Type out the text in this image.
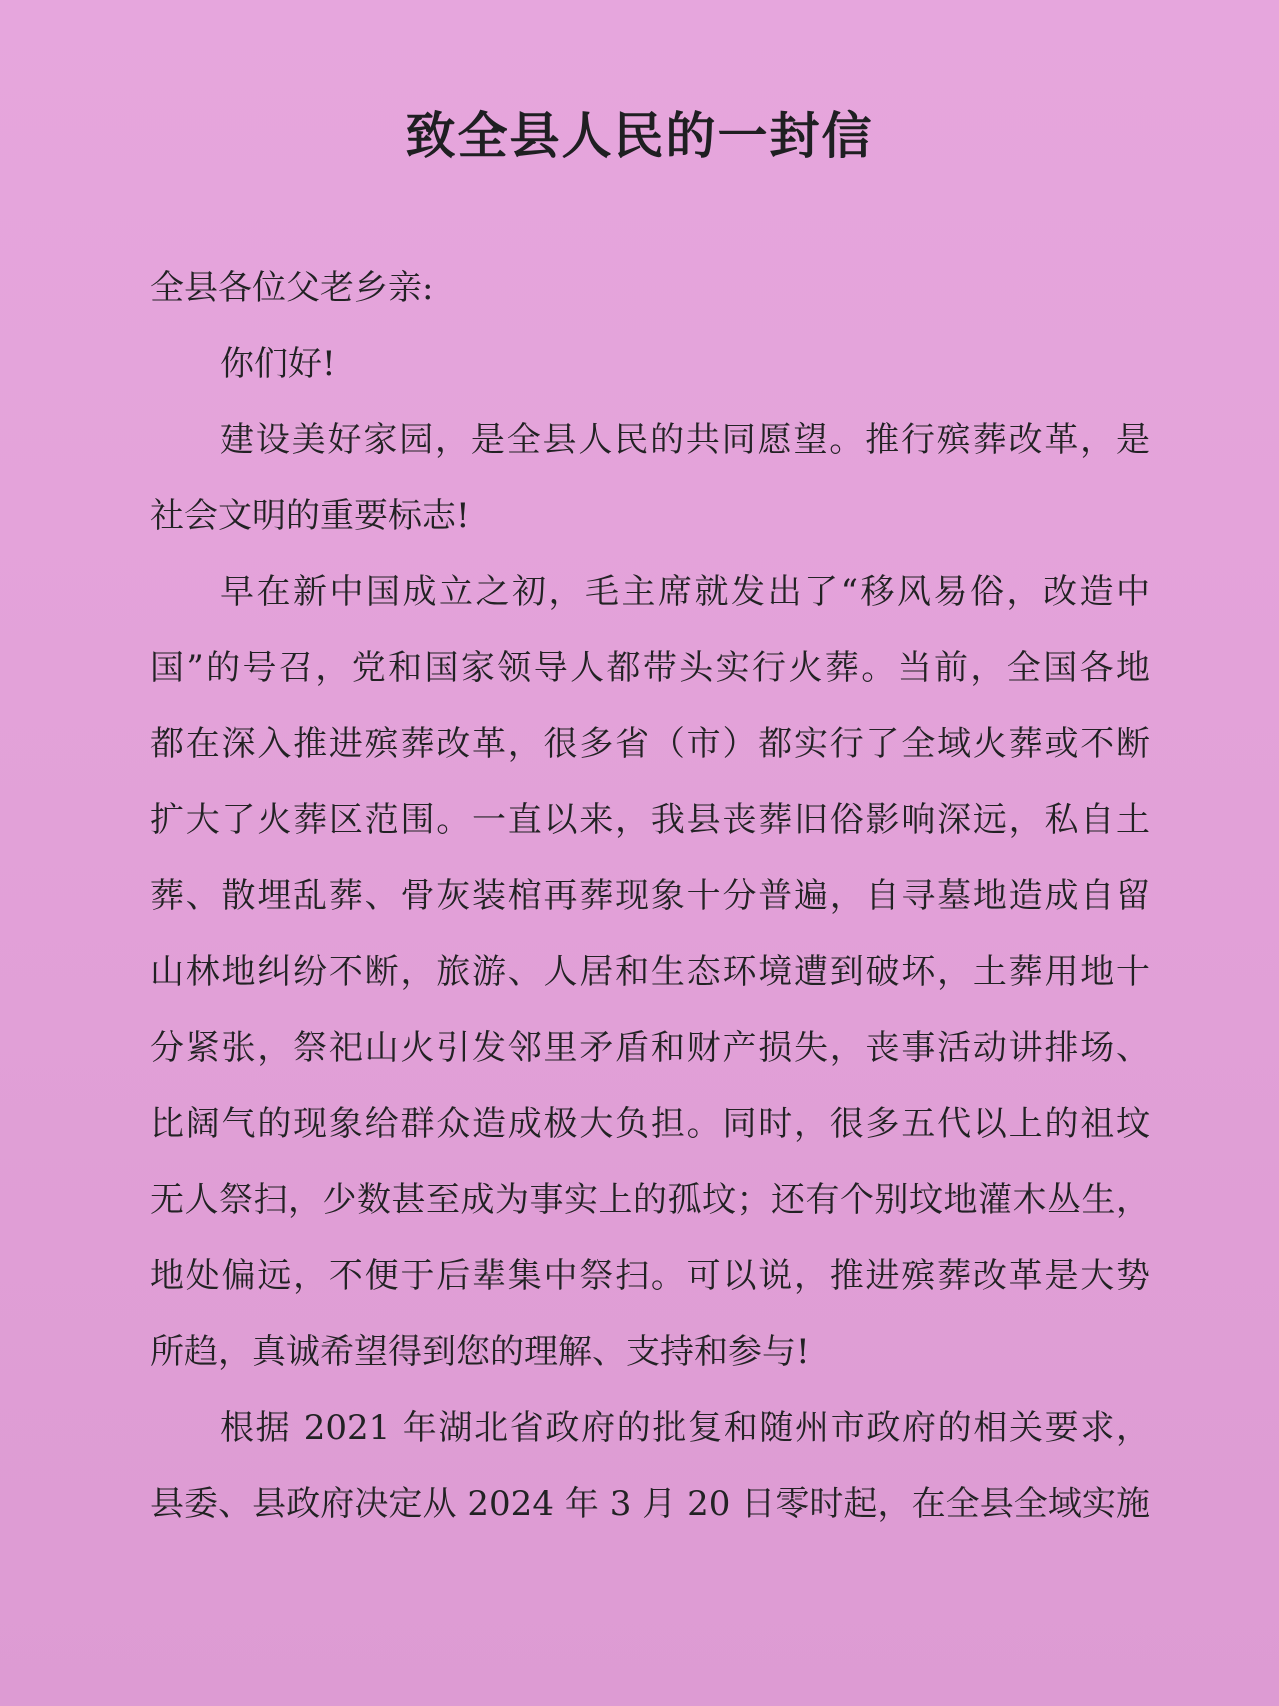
致全县人民的一封信
全县各位父老乡亲:
你们好!
建设美好家园，是全县人民的共同愿望。推行殡葬改革，是
社会文明的重要标志!
早在新中国成立之初，毛主席就发出了“移风易俗，改造中
国”的号召，党和国家领导人都带头实行火葬。当前，全国各地
都在深入推进殡葬改革，很多省（市）都实行了全域火葬或不断
扩大了火葬区范围。一直以来，我县丧葬旧俗影响深远，私自土
葬、散埋乱葬、骨灰装棺再葬现象十分普遍，自寻墓地造成自留
山林地纠纷不断，旅游、人居和生态环境遭到破坏，土葬用地十
分紧张，祭祀山火引发邻里矛盾和财产损失，丧事活动讲排场、
比阔气的现象给群众造成极大负担。同时，很多五代以上的祖坟
无人祭扫，少数甚至成为事实上的孤坟；还有个别坟地灌木丛生，
地处偏远，不便于后辈集中祭扫。可以说，推进殡葬改革是大势
所趋，真诚希望得到您的理解、支持和参与!
根据 2021 年湖北省政府的批复和随州市政府的相关要求，
县委、县政府决定从 2024 年 3 月 20 日零时起，在全县全域实施
